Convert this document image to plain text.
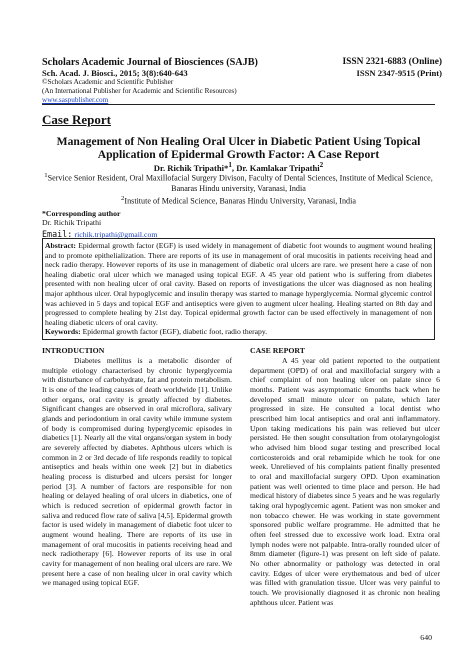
Scholars Academic Journal of Biosciences (SAJB)	ISSN 2321-6883 (Online)
Sch. Acad. J. Biosci., 2015; 3(8):640-643	ISSN 2347-9515 (Print)
©Scholars Academic and Scientific Publisher
(An International Publisher for Academic and Scientific Resources)
www.saspublisher.com
Case Report
Management of Non Healing Oral Ulcer in Diabetic Patient Using Topical Application of Epidermal Growth Factor: A Case Report
Dr. Richik Tripathi*$^1$, Dr. Kamlakar Tripathi$^2$
$^1$Service Senior Resident, Oral Maxillofacial Surgery Divison, Faculty of Dental Sciences, Institute of Medical Science, Banaras Hindu university, Varanasi, India
$^2$Institute of Medical Science, Banaras Hindu University, Varanasi, India
*Corresponding author
Dr. Richik Tripathi
Email: richik.tripathi@gmail.com
Abstract: Epidermal growth factor (EGF) is used widely in management of diabetic foot wounds to augment wound healing and to promote epithelialization. There are reports of its use in management of oral mucositis in patients receiving head and neck radio therapy. However reports of its use in management of diabetic oral ulcers are rare. we present here a case of non healing diabetic oral ulcer which we managed using topical EGF. A 45 year old patient who is suffering from diabetes presented with non healing ulcer of oral cavity. Based on reports of investigations the ulcer was diagnosed as non healing major aphthous ulcer. Oral hypoglycemic and insulin therapy was started to manage hyperglycemia. Normal glycemic control was achieved in 5 days and topical EGF and antiseptics were given to augment ulcer healing. Healing started on 8th day and progressed to complete healing by 21st day. Topical epidermal growth factor can be used effectively in management of non healing diabetic ulcers of oral cavity.
Keywords: Epidermal growth factor (EGF), diabetic foot, radio therapy.
INTRODUCTION
Diabetes mellitus is a metabolic disorder of multiple etiology characterised by chronic hyperglycemia with disturbance of carbohydrate, fat and protein metabolism. It is one of the leading causes of death worldwide [1]. Unlike other organs, oral cavity is greatly affected by diabetes. Significant changes are observed in oral microflora, salivary glands and periodontium in oral cavity while immune system of body is compromised during hyperglycemic episodes in diabetics [1]. Nearly all the vital organs/organ system in body are severely affected by diabetes. Aphthous ulcers which is common in 2 or 3rd decade of life responds readily to topical antiseptics and heals within one week [2] but in diabetics healing process is disturbed and ulcers persist for longer period [3]. A number of factors are responsible for non healing or delayed healing of oral ulcers in diabetics, one of which is reduced secretion of epidermal growth factor in saliva and reduced flow rate of saliva [4,5]. Epidermal growth factor is used widely in management of diabetic foot ulcer to augment wound healing. There are reports of its use in management of oral mucositis in patients receiving head and neck radiotherapy [6]. However reports of its use in oral cavity for management of non healing oral ulcers are rare. We present here a case of non healing ulcer in oral cavity which we managed using topical EGF.
CASE REPORT
A 45 year old patient reported to the outpatient department (OPD) of oral and maxillofacial surgery with a chief complaint of non healing ulcer on palate since 6 months. Patient was asymptomatic 6months back when he developed small minute ulcer on palate, which later progressed in size. He consulted a local dentist who prescribed him local antiseptics and oral anti inflammatory. Upon taking medications his pain was relieved but ulcer persisted. He then sought consultation from otolaryngologist who advised him blood sugar testing and prescribed local corticosteroids and oral rebamipide which he took for one week. Unrelieved of his complaints patient finally presented to oral and maxillofacial surgery OPD. Upon examination patient was well oriented to time place and person. He had medical history of diabetes since 5 years and he was regularly taking oral hypoglycemic agent. Patient was non smoker and non tobacco chewer. He was working in state government sponsored public welfare programme. He admitted that he often feel stressed due to excessive work load. Extra oral lymph nodes were not palpable. Intra-orally rounded ulcer of 8mm diameter (figure-1) was present on left side of palate. No other abnormality or pathology was detected in oral cavity. Edges of ulcer were erythematous and bed of ulcer was filled with granulation tissue. Ulcer was very painful to touch. We provisionally diagnosed it as chronic non healing aphthous ulcer. Patient was
640
